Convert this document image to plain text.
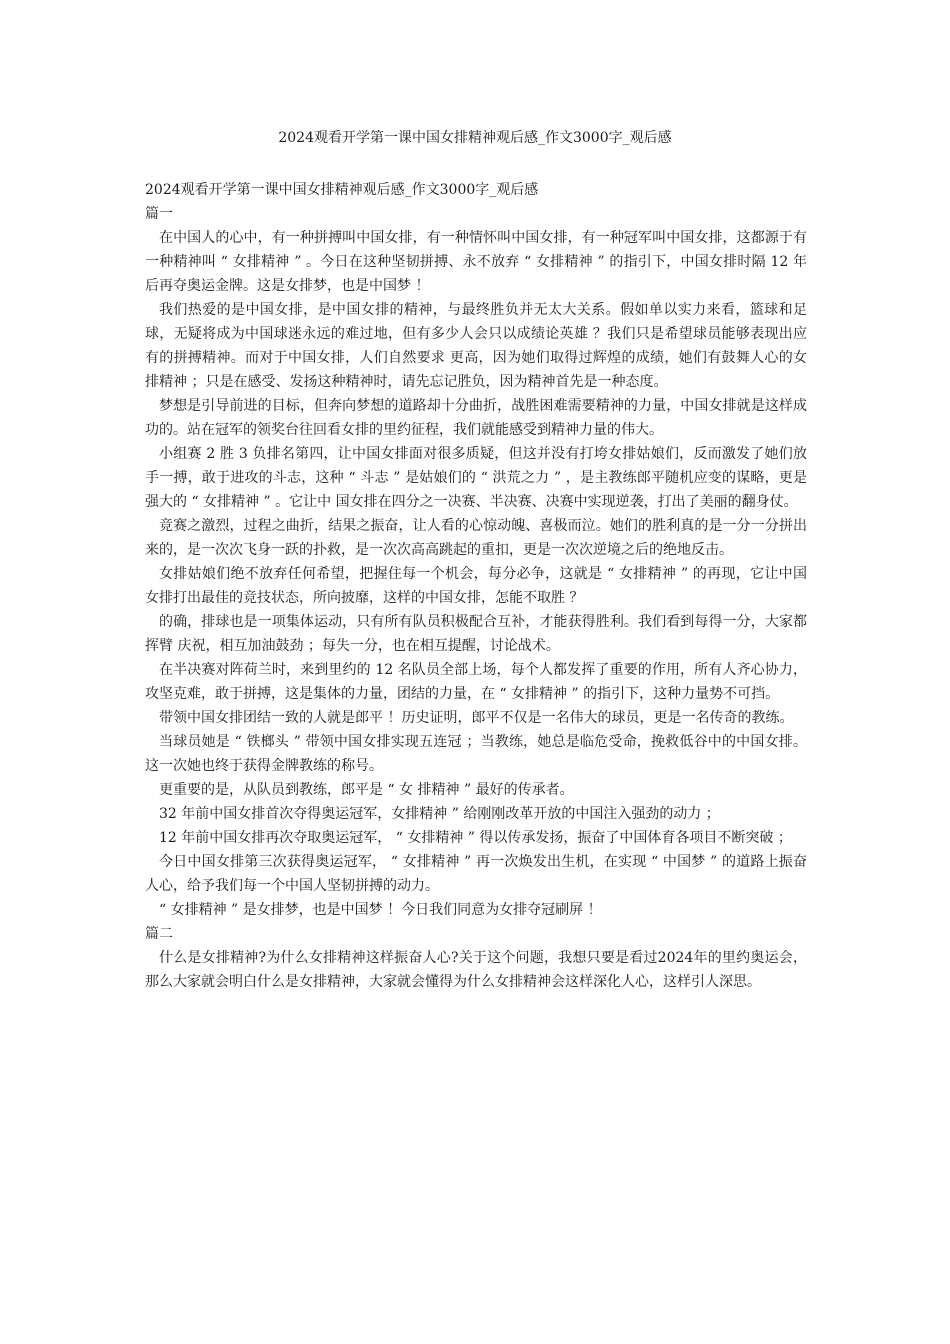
2024观看开学第一课中国女排精神观后感_作文3000字_观后感

2024观看开学第一课中国女排精神观后感_作文3000字_观后感

篇一

在中国人的心中，有一种拼搏叫中国女排，有一种情怀叫中国女排，有一种冠军叫中国女排，这都源于有一种精神叫 “ 女排精神 ” 。今日在这种坚韧拼搏、永不放弃 “ 女排精神 ” 的指引下，中国女排时隔 12 年后再夺奥运金牌。这是女排梦，也是中国梦 ！

我们热爱的是中国女排，是中国女排的精神，与最终胜负并无太大关系。假如单以实力来看，篮球和足球，无疑将成为中国球迷永远的难过地，但有多少人会只以成绩论英雄 ？我们只是希望球员能够表现出应有的拼搏精神。而对于中国女排，人们自然要求 更高，因为她们取得过辉煌的成绩，她们有鼓舞人心的女排精神 ；只是在感受、发扬这种精神时，请先忘记胜负，因为精神首先是一种态度。

梦想是引导前进的目标，但奔向梦想的道路却十分曲折，战胜困难需要精神的力量，中国女排就是这样成功的。站在冠军的领奖台往回看女排的里约征程，我们就能感受到精神力量的伟大。

小组赛 2 胜 3 负排名第四，让中国女排面对很多质疑，但这并没有打垮女排姑娘们，反而激发了她们放手一搏，敢于进攻的斗志，这种 “ 斗志 ” 是姑娘们的 “ 洪荒之力 ” ，是主教练郎平随机应变的谋略，更是强大的 “ 女排精神 ” 。它让中 国女排在四分之一决赛、半决赛、决赛中实现逆袭，打出了美丽的翻身仗。

竞赛之激烈，过程之曲折，结果之振奋，让人看的心惊动魄、喜极而泣。她们的胜利真的是一分一分拼出来的，是一次次飞身一跃的扑救，是一次次高高跳起的重扣，更是一次次逆境之后的绝地反击。

女排姑娘们绝不放弃任何希望，把握住每一个机会，每分必争，这就是 “ 女排精神 ” 的再现，它让中国女排打出最佳的竞技状态，所向披靡，这样的中国女排，怎能不取胜 ？

的确，排球也是一项集体运动，只有所有队员积极配合互补，才能获得胜利。我们看到每得一分，大家都挥臂 庆祝，相互加油鼓劲 ；每失一分，也在相互提醒，讨论战术。

在半决赛对阵荷兰时，来到里约的 12 名队员全部上场，每个人都发挥了重要的作用，所有人齐心协力，攻坚克难，敢于拼搏，这是集体的力量，团结的力量，在 “ 女排精神 ” 的指引下，这种力量势不可挡。

带领中国女排团结一致的人就是郎平 ！历史证明，郎平不仅是一名伟大的球员，更是一名传奇的教练。

当球员她是 “ 铁榔头 ” 带领中国女排实现五连冠 ；当教练，她总是临危受命，挽救低谷中的中国女排。这一次她也终于获得金牌教练的称号。

更重要的是，从队员到教练，郎平是 “ 女 排精神 ” 最好的传承者。

32 年前中国女排首次夺得奥运冠军，女排精神 ” 给刚刚改革开放的中国注入强劲的动力 ；

12 年前中国女排再次夺取奥运冠军， “ 女排精神 ” 得以传承发扬，振奋了中国体育各项目不断突破 ；

今日中国女排第三次获得奥运冠军， “ 女排精神 ” 再一次焕发出生机，在实现 “ 中国梦 ” 的道路上振奋人心，给予我们每一个中国人坚韧拼搏的动力。

“ 女排精神 ” 是女排梦，也是中国梦 ！今日我们同意为女排夺冠刷屏 ！

篇二

什么是女排精神?为什么女排精神这样振奋人心?关于这个问题，我想只要是看过2024年的里约奥运会，那么大家就会明白什么是女排精神，大家就会懂得为什么女排精神会这样深化人心，这样引人深思。
